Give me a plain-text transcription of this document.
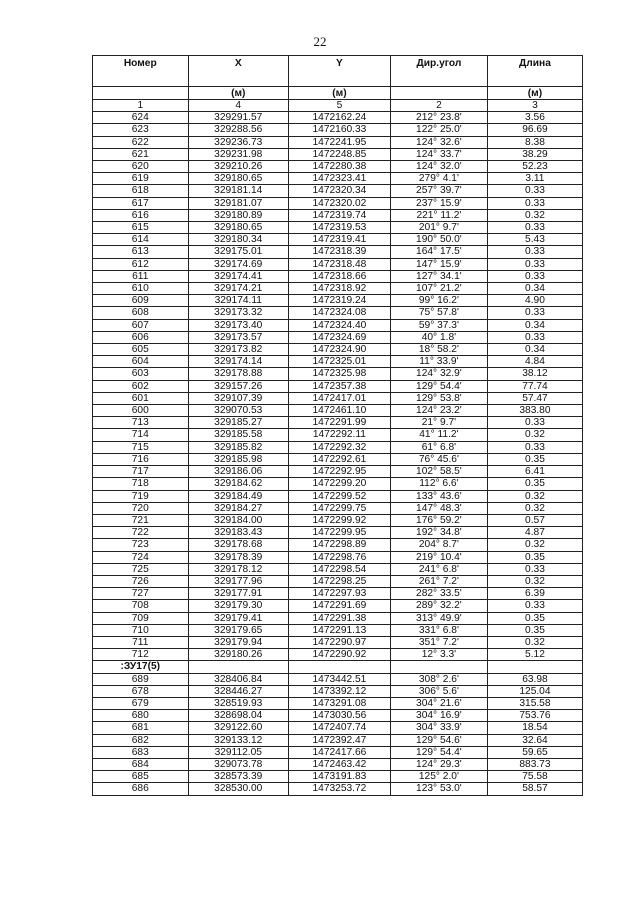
22
Номер	X	Y	Дир.угол	Длина
	(м)	(м)		(м)
1	4	5	2	3
624	329291.57	1472162.24	212° 23.8'	3.56
623	329288.56	1472160.33	122° 25.0'	96.69
622	329236.73	1472241.95	124° 32.6'	8.38
621	329231.98	1472248.85	124° 33.7'	38.29
620	329210.26	1472280.38	124° 32.0'	52.23
619	329180.65	1472323.41	279° 4.1'	3.11
618	329181.14	1472320.34	257° 39.7'	0.33
617	329181.07	1472320.02	237° 15.9'	0.33
616	329180.89	1472319.74	221° 11.2'	0.32
615	329180.65	1472319.53	201° 9.7'	0.33
614	329180.34	1472319.41	190° 50.0'	5.43
613	329175.01	1472318.39	164° 17.5'	0.33
612	329174.69	1472318.48	147° 15.9'	0.33
611	329174.41	1472318.66	127° 34.1'	0.33
610	329174.21	1472318.92	107° 21.2'	0.34
609	329174.11	1472319.24	99° 16.2'	4.90
608	329173.32	1472324.08	75° 57.8'	0.33
607	329173.40	1472324.40	59° 37.3'	0.34
606	329173.57	1472324.69	40° 1.8'	0.33
605	329173.82	1472324.90	18° 58.2'	0.34
604	329174.14	1472325.01	11° 33.9'	4.84
603	329178.88	1472325.98	124° 32.9'	38.12
602	329157.26	1472357.38	129° 54.4'	77.74
601	329107.39	1472417.01	129° 53.8'	57.47
600	329070.53	1472461.10	124° 23.2'	383.80
713	329185.27	1472291.99	21° 9.7'	0.33
714	329185.58	1472292.11	41° 11.2'	0.32
715	329185.82	1472292.32	61° 6.8'	0.33
716	329185.98	1472292.61	76° 45.6'	0.35
717	329186.06	1472292.95	102° 58.5'	6.41
718	329184.62	1472299.20	112° 6.6'	0.35
719	329184.49	1472299.52	133° 43.6'	0.32
720	329184.27	1472299.75	147° 48.3'	0.32
721	329184.00	1472299.92	176° 59.2'	0.57
722	329183.43	1472299.95	192° 34.8'	4.87
723	329178.68	1472298.89	204° 8.7'	0.32
724	329178.39	1472298.76	219° 10.4'	0.35
725	329178.12	1472298.54	241° 6.8'	0.33
726	329177.96	1472298.25	261° 7.2'	0.32
727	329177.91	1472297.93	282° 33.5'	6.39
708	329179.30	1472291.69	289° 32.2'	0.33
709	329179.41	1472291.38	313° 49.9'	0.35
710	329179.65	1472291.13	331° 6.8'	0.35
711	329179.94	1472290.97	351° 7.2'	0.32
712	329180.26	1472290.92	12° 3.3'	5.12
:ЗУ17(5)				
689	328406.84	1473442.51	308° 2.6'	63.98
678	328446.27	1473392.12	306° 5.6'	125.04
679	328519.93	1473291.08	304° 21.6'	315.58
680	328698.04	1473030.56	304° 16.9'	753.76
681	329122.60	1472407.74	304° 33.9'	18.54
682	329133.12	1472392.47	129° 54.6'	32.64
683	329112.05	1472417.66	129° 54.4'	59.65
684	329073.78	1472463.42	124° 29.3'	883.73
685	328573.39	1473191.83	125° 2.0'	75.58
686	328530.00	1473253.72	123° 53.0'	58.57
